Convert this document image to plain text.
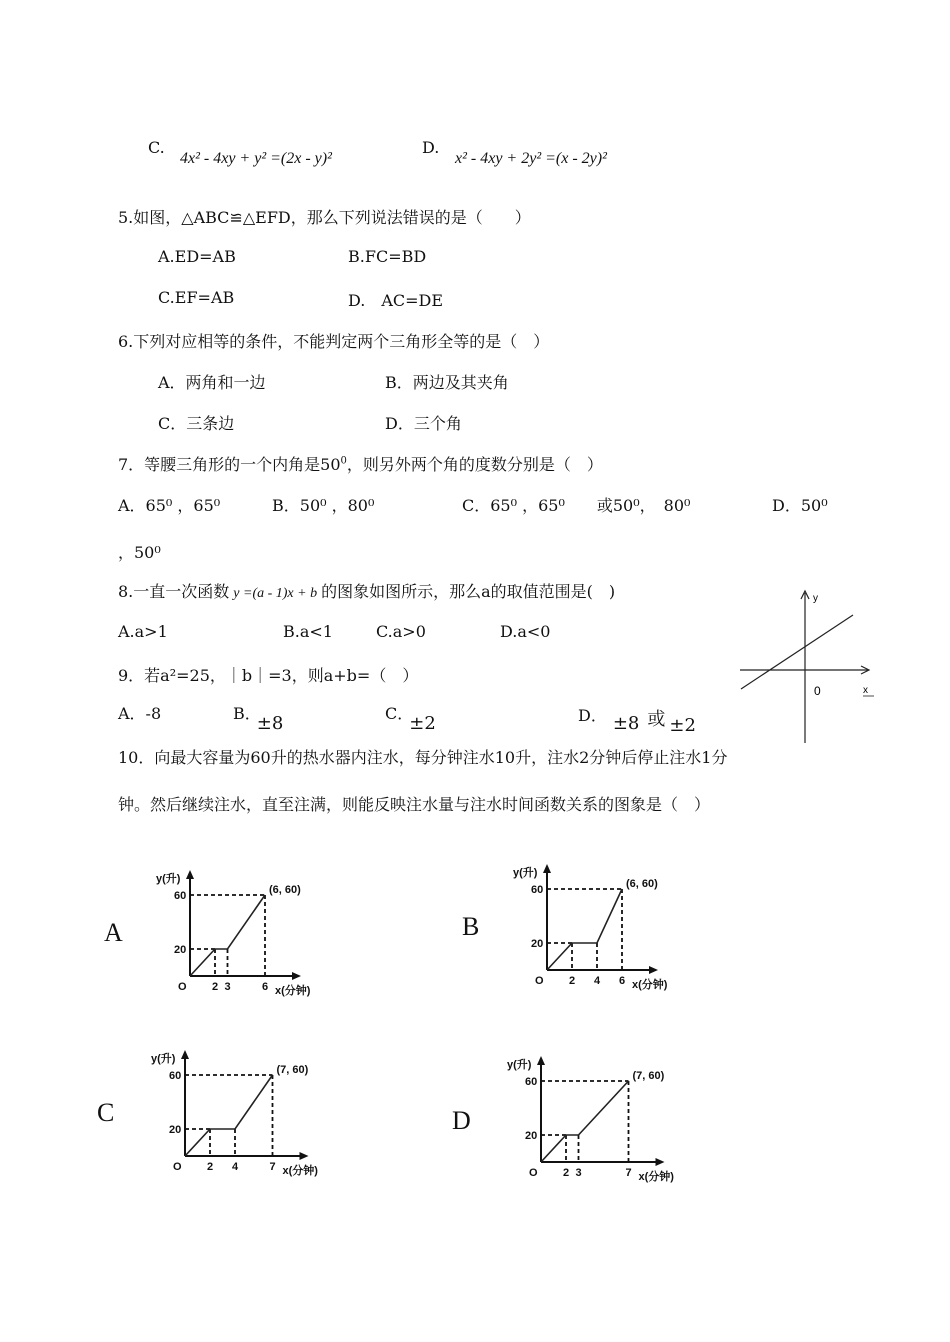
C.
4x² - 4xy + y² =(2x - y)²
D.
x² - 4xy + 2y² =(x - 2y)²
5.如图，△ABC≌△EFD，那么下列说法错误的是（　　）
A.ED=AB	B.FC=BD
C.EF=AB	D.　AC=DE
6.下列对应相等的条件，不能判定两个三角形全等的是（　）
A．两角和一边	B．两边及其夹角
C．三条边	D．三个角
7．等腰三角形的一个内角是$50^0$，则另外两个角的度数分别是（　）
A．65⁰ ，65⁰	B．50⁰ ，80⁰	C．65⁰ ，65⁰　　或50⁰，　80⁰	D．50⁰
，50⁰
8.一直一次函数 y =(a - 1)x + b 的图象如图所示，那么a的取值范围是(　)
A.a>1	B.a<1	C.a>0	D.a<0
y
x
0
9．若a²=25，｜b｜=3，则a+b=（　）
A．-8	B．±8	C．±2	D． ±8 或 ±2
10．向最大容量为60升的热水器内注水，每分钟注水10升，注水2分钟后停止注水1分
钟。然后继续注水，直至注满，则能反映注水量与注水时间函数关系的图象是（　）
A
y(升)
(6, 60)
60
20
O 2 3	6 x(分钟)
B
y(升)
(6, 60)
60
20
O 2 4 6 x(分钟)
C
y(升)
(7, 60)
60
20
O 2 4	7 x(分钟)
D
y(升)
(7, 60)
60
20
O 2 3	7 x(分钟)
